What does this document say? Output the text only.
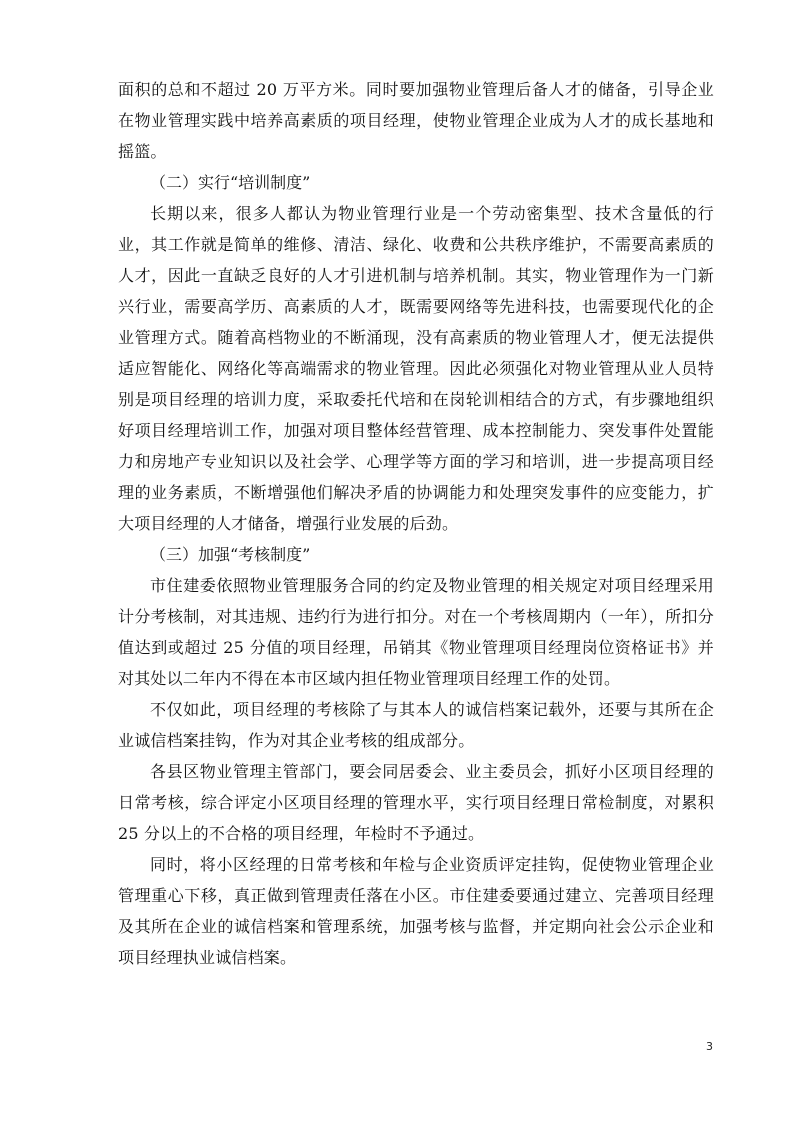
面积的总和不超过 20 万平方米。同时要加强物业管理后备人才的储备，引导企业在物业管理实践中培养高素质的项目经理，使物业管理企业成为人才的成长基地和摇篮。

（二）实行“培训制度”

长期以来，很多人都认为物业管理行业是一个劳动密集型、技术含量低的行业，其工作就是简单的维修、清洁、绿化、收费和公共秩序维护，不需要高素质的人才，因此一直缺乏良好的人才引进机制与培养机制。其实，物业管理作为一门新兴行业，需要高学历、高素质的人才，既需要网络等先进科技，也需要现代化的企业管理方式。随着高档物业的不断涌现，没有高素质的物业管理人才，便无法提供适应智能化、网络化等高端需求的物业管理。因此必须强化对物业管理从业人员特别是项目经理的培训力度，采取委托代培和在岗轮训相结合的方式，有步骤地组织好项目经理培训工作，加强对项目整体经营管理、成本控制能力、突发事件处置能力和房地产专业知识以及社会学、心理学等方面的学习和培训，进一步提高项目经理的业务素质，不断增强他们解决矛盾的协调能力和处理突发事件的应变能力，扩大项目经理的人才储备，增强行业发展的后劲。

（三）加强“考核制度”

市住建委依照物业管理服务合同的约定及物业管理的相关规定对项目经理采用计分考核制，对其违规、违约行为进行扣分。对在一个考核周期内（一年），所扣分值达到或超过 25 分值的项目经理，吊销其《物业管理项目经理岗位资格证书》并对其处以二年内不得在本市区域内担任物业管理项目经理工作的处罚。

不仅如此，项目经理的考核除了与其本人的诚信档案记载外，还要与其所在企业诚信档案挂钩，作为对其企业考核的组成部分。

各县区物业管理主管部门，要会同居委会、业主委员会，抓好小区项目经理的日常考核，综合评定小区项目经理的管理水平，实行项目经理日常检制度，对累积 25 分以上的不合格的项目经理，年检时不予通过。

同时，将小区经理的日常考核和年检与企业资质评定挂钩，促使物业管理企业管理重心下移，真正做到管理责任落在小区。市住建委要通过建立、完善项目经理及其所在企业的诚信档案和管理系统，加强考核与监督，并定期向社会公示企业和项目经理执业诚信档案。

3
